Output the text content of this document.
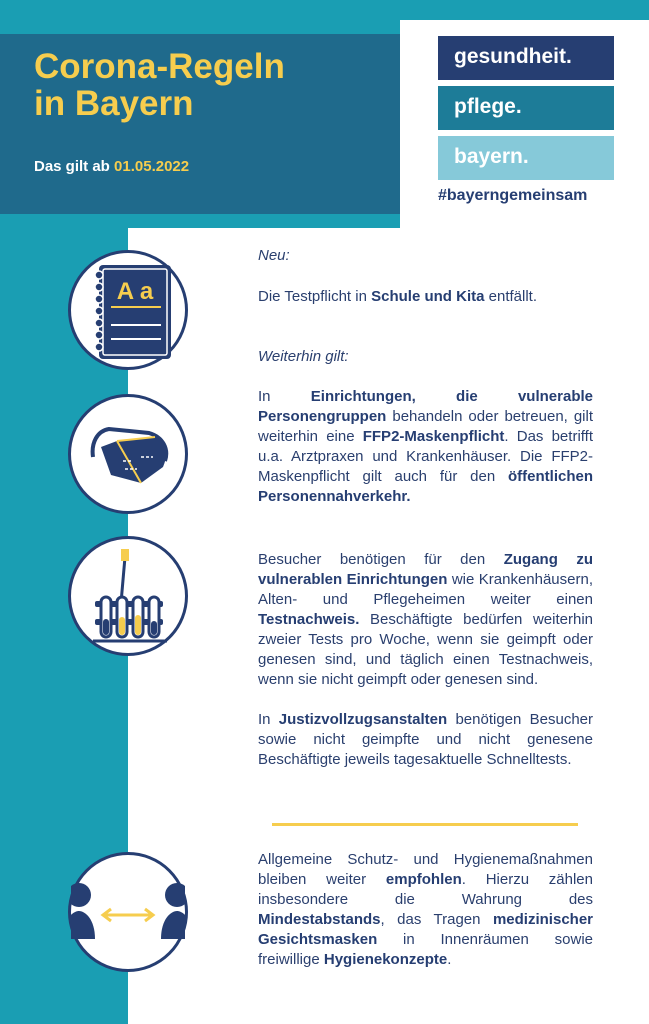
Corona-Regeln
in Bayern
Das gilt ab 01.05.2022
gesundheit.
pflege.
bayern.
#bayerngemeinsam
A a
Neu:
Die Testpflicht in Schule und Kita entfällt.
Weiterhin gilt:
In	Einrichtungen, die vulnerable Personengruppen behandeln oder betreuen, gilt weiterhin eine FFP2-Maskenpflicht. Das betrifft u.a. Arztpraxen und Krankenhäuser. Die FFP2-Maskenpflicht gilt auch für den öffentlichen Personennahverkehr.
Besucher benötigen für den Zugang zu vulnerablen Einrichtungen wie Krankenhäusern, Alten- und Pflegeheimen weiter einen Testnachweis. Beschäftigte bedürfen weiterhin zweier Tests pro Woche, wenn sie geimpft oder genesen sind, und täglich einen Testnachweis, wenn sie nicht geimpft oder genesen sind.
In Justizvollzugsanstalten benötigen Besucher sowie nicht geimpfte und nicht genesene Beschäftigte jeweils tagesaktuelle Schnelltests.
Allgemeine Schutz- und Hygienemaßnahmen bleiben weiter empfohlen. Hierzu zählen insbesondere die Wahrung des Mindestabstands, das Tragen medizinischer Gesichtsmasken in Innenräumen sowie freiwillige Hygienekonzepte.
